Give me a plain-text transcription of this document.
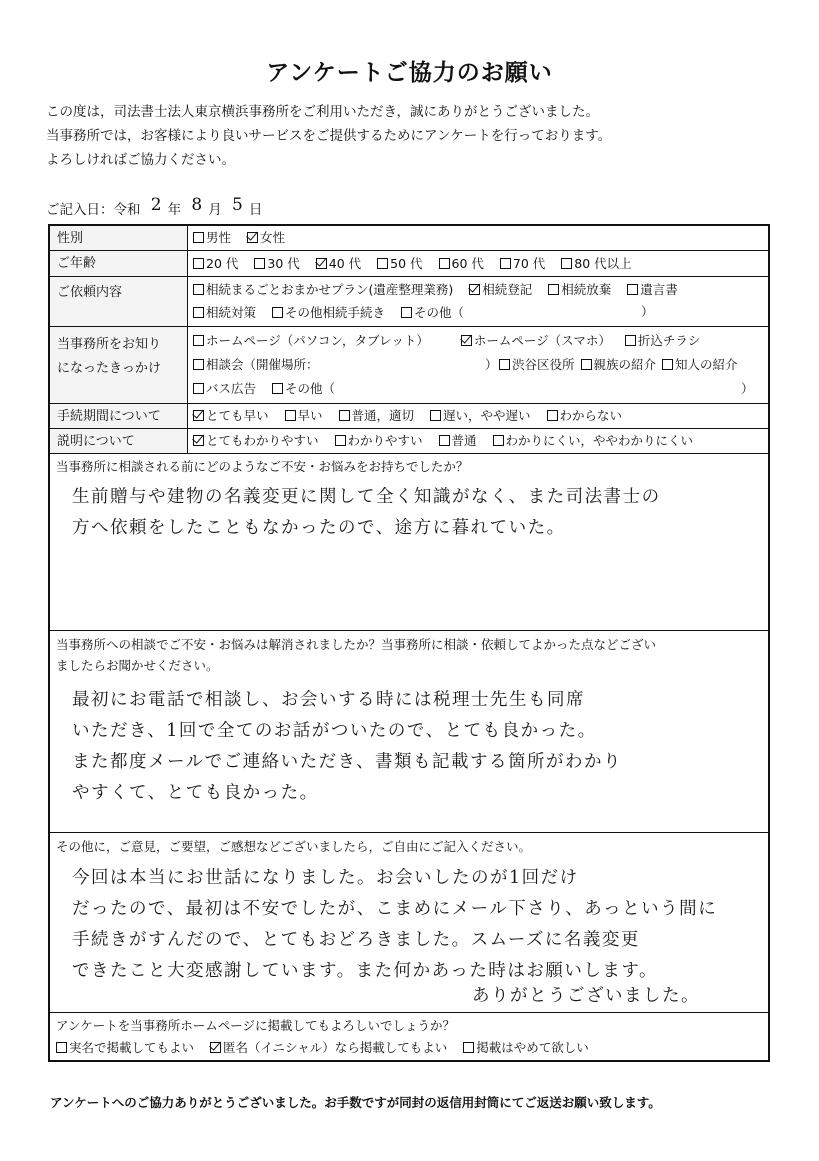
アンケートご協力のお願い
この度は，司法書士法人東京横浜事務所をご利用いただき，誠にありがとうございました。
当事務所では，お客様により良いサービスをご提供するためにアンケートを行っております。
よろしければご協力ください。
ご記入日：令和 2 年 8 月 5 日
性別	男性 女性
ご年齢	20 代 30 代 40 代 50 代 60 代 70 代 80 代以上
ご依頼内容	相続まるごとおまかせプラン(遺産整理業務) 相続登記 相続放棄 遺言書
相続対策 その他相続手続き その他（	）
当事務所をお知り
になったきっかけ
ホームページ（パソコン，タブレット）	ホームページ（スマホ） 折込チラシ
相談会（開催場所：	）	渋谷区役所 親族の紹介 知人の紹介
バス広告 その他（	）
手続期間について	とても早い 早い 普通，適切 遅い，やや遅い わからない
説明について	とてもわかりやすい わかりやすい 普通 わかりにくい，ややわかりにくい
当事務所に相談される前にどのようなご不安・お悩みをお持ちでしたか？
生前贈与や建物の名義変更に関して全く知識がなく、また司法書士の
方へ依頼をしたこともなかったので、途方に暮れていた。
当事務所への相談でご不安・お悩みは解消されましたか？当事務所に相談・依頼してよかった点などござい
ましたらお聞かせください。
最初にお電話で相談し、お会いする時には税理士先生も同席
いただき、1回で全てのお話がついたので、とても良かった。
また都度メールでご連絡いただき、書類も記載する箇所がわかり
やすくて、とても良かった。
その他に，ご意見，ご要望，ご感想などございましたら，ご自由にご記入ください。
今回は本当にお世話になりました。お会いしたのが1回だけ
だったので、最初は不安でしたが、こまめにメール下さり、あっという間に
手続きがすんだので、とてもおどろきました。スムーズに名義変更
できたこと大変感謝しています。また何かあった時はお願いします。
ありがとうございました。
アンケートを当事務所ホームページに掲載してもよろしいでしょうか？
実名で掲載してもよい 匿名（イニシャル）なら掲載してもよい 掲載はやめて欲しい
アンケートへのご協力ありがとうございました。お手数ですが同封の返信用封筒にてご返送お願い致します。
